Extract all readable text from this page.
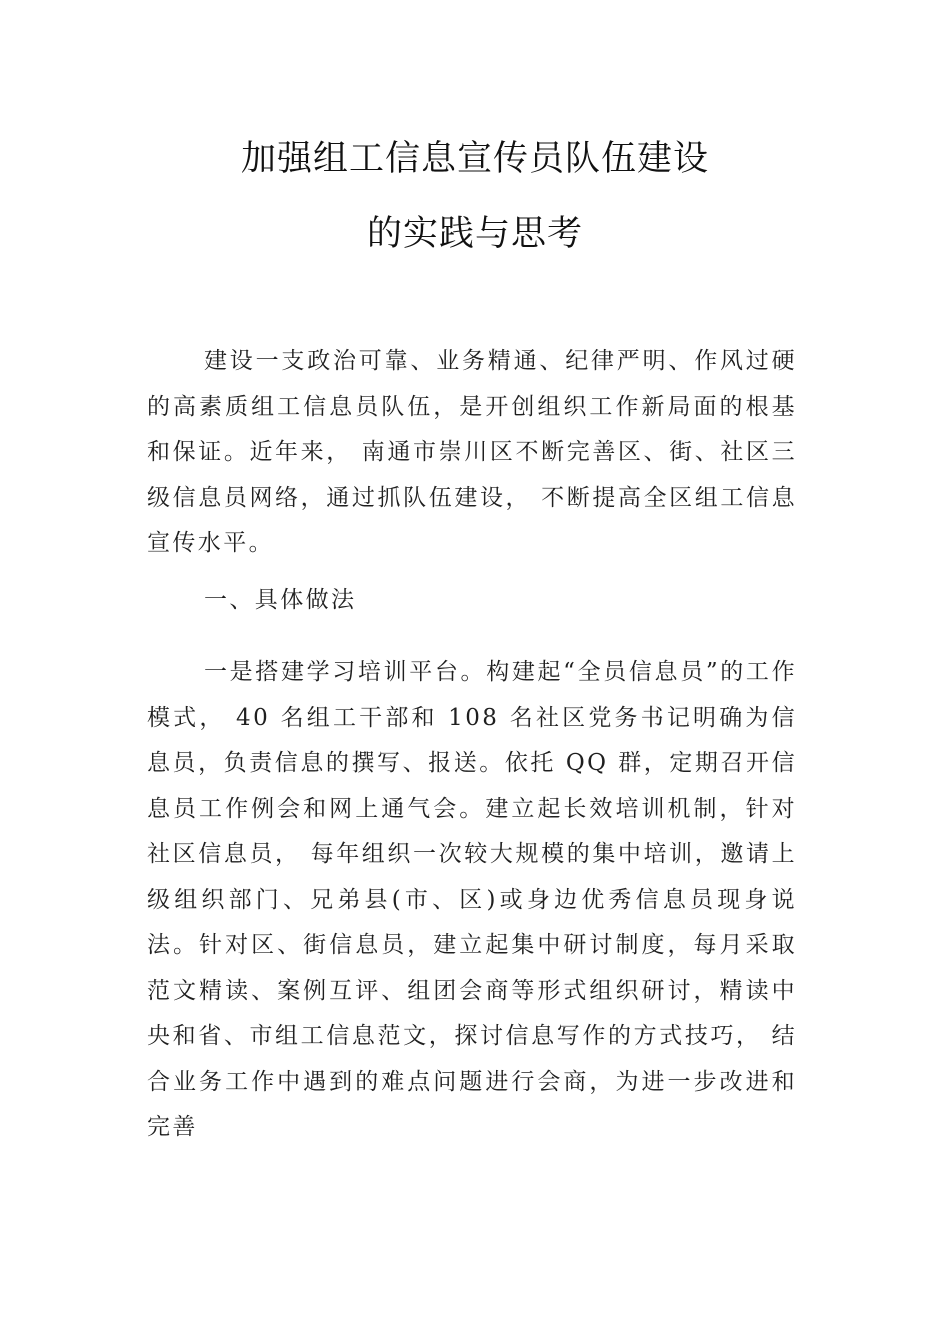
加强组工信息宣传员队伍建设
的实践与思考

建设一支政治可靠、业务精通、纪律严明、作风过硬的高素质组工信息员队伍，是开创组织工作新局面的根基和保证。近年来， 南通市崇川区不断完善区、街、社区三级信息员网络，通过抓队伍建设， 不断提高全区组工信息宣传水平。

一、具体做法

一是搭建学习培训平台。构建起“全员信息员”的工作模式， 40 名组工干部和 108 名社区党务书记明确为信息员，负责信息的撰写、报送。依托 QQ 群，定期召开信息员工作例会和网上通气会。建立起长效培训机制，针对社区信息员， 每年组织一次较大规模的集中培训，邀请上级组织部门、兄弟县(市、区)或身边优秀信息员现身说法。针对区、街信息员，建立起集中研讨制度，每月采取范文精读、案例互评、组团会商等形式组织研讨，精读中央和省、市组工信息范文，探讨信息写作的方式技巧， 结合业务工作中遇到的难点问题进行会商，为进一步改进和完善
